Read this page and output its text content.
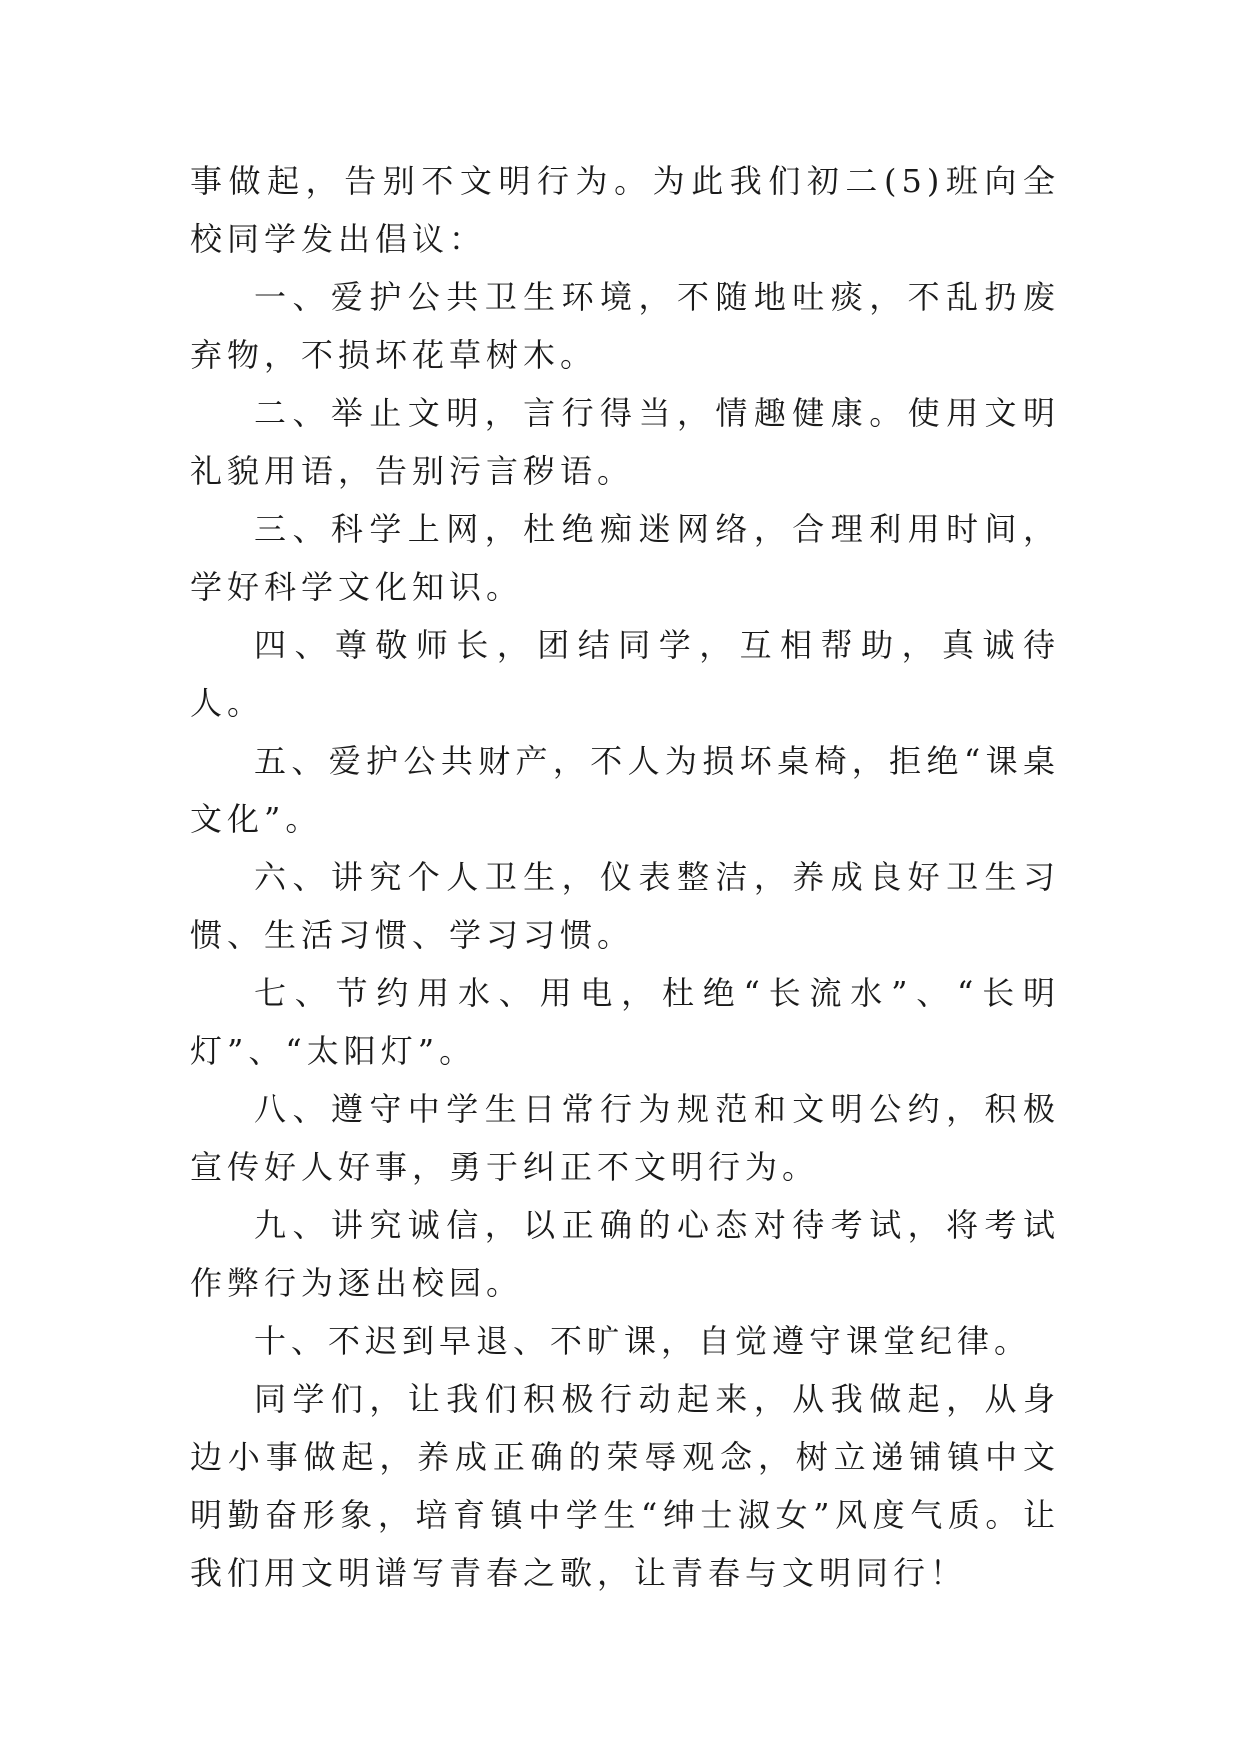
事做起，告别不文明行为。为此我们初二(5)班向全校同学发出倡议：

一、爱护公共卫生环境，不随地吐痰，不乱扔废弃物，不损坏花草树木。

二、举止文明，言行得当，情趣健康。使用文明礼貌用语，告别污言秽语。

三、科学上网，杜绝痴迷网络，合理利用时间，学好科学文化知识。

四、尊敬师长，团结同学，互相帮助，真诚待人。

五、爱护公共财产，不人为损坏桌椅，拒绝“课桌文化”。

六、讲究个人卫生，仪表整洁，养成良好卫生习惯、生活习惯、学习习惯。

七、节约用水、用电，杜绝“长流水”、“长明灯”、“太阳灯”。

八、遵守中学生日常行为规范和文明公约，积极宣传好人好事，勇于纠正不文明行为。

九、讲究诚信，以正确的心态对待考试，将考试作弊行为逐出校园。

十、不迟到早退、不旷课，自觉遵守课堂纪律。

同学们，让我们积极行动起来，从我做起，从身边小事做起，养成正确的荣辱观念，树立递铺镇中文明勤奋形象，培育镇中学生“绅士淑女”风度气质。让我们用文明谱写青春之歌，让青春与文明同行！
